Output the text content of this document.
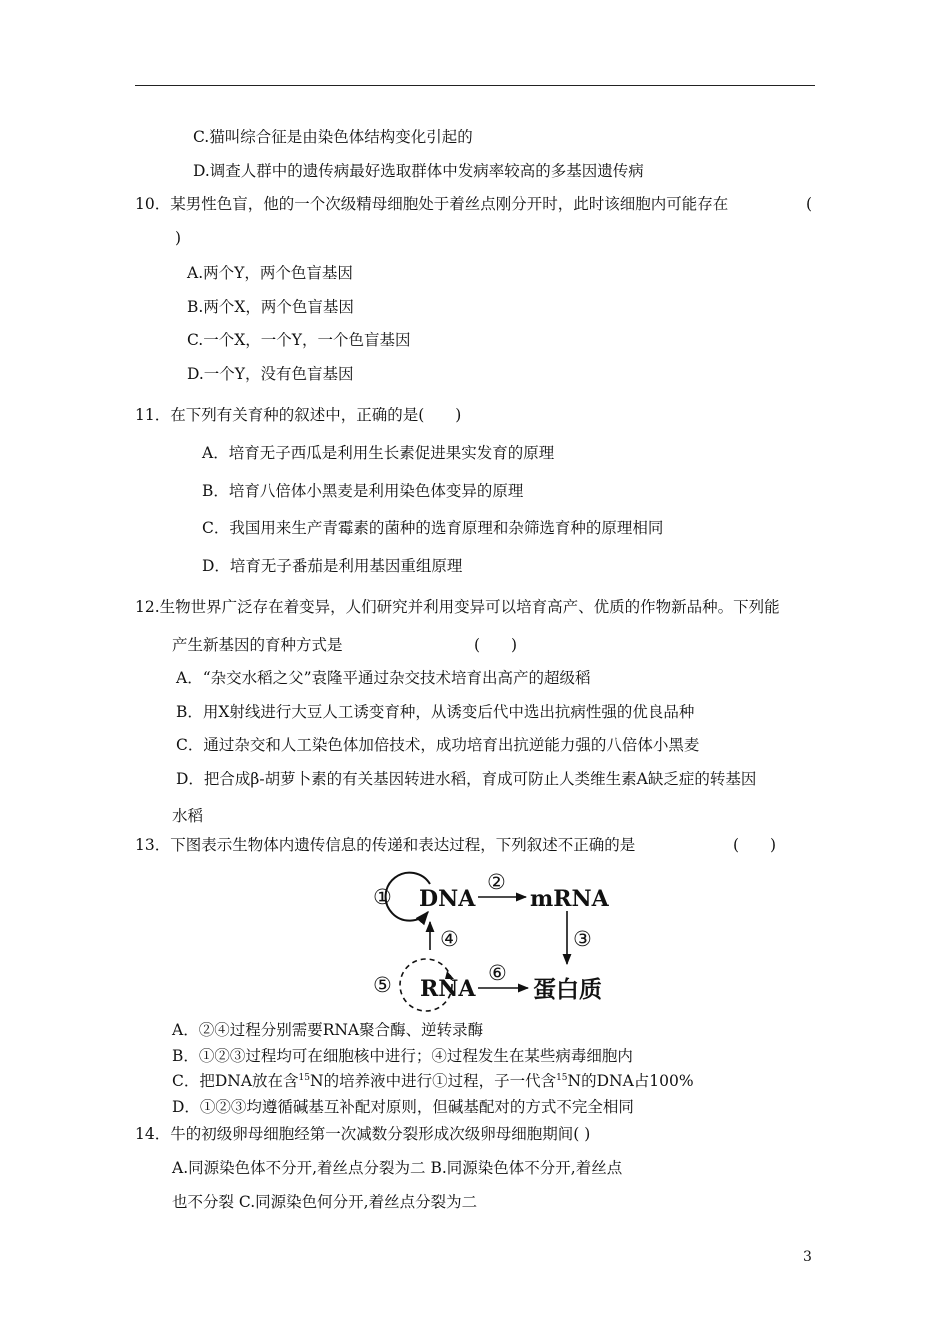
C.猫叫综合征是由染色体结构变化引起的
D.调查人群中的遗传病最好选取群体中发病率较高的多基因遗传病
10．某男性色盲，他的一个次级精母细胞处于着丝点刚分开时，此时该细胞内可能存在	(
)
A.两个Y，两个色盲基因
B.两个X，两个色盲基因
C.一个X，一个Y，一个色盲基因
D.一个Y，没有色盲基因
11．在下列有关育种的叙述中，正确的是(　　)
A．培育无子西瓜是利用生长素促进果实发育的原理
B．培育八倍体小黑麦是利用染色体变异的原理
C．我国用来生产青霉素的菌种的选育原理和杂筛选育种的原理相同
D．培育无子番茄是利用基因重组原理
12.生物世界广泛存在着变异，人们研究并利用变异可以培育高产、优质的作物新品种。下列能
产生新基因的育种方式是	(　　)
A．“杂交水稻之父”袁隆平通过杂交技术培育出高产的超级稻
B．用X射线进行大豆人工诱变育种，从诱变后代中选出抗病性强的优良品种
C．通过杂交和人工染色体加倍技术，成功培育出抗逆能力强的八倍体小黑麦
D．把合成β-胡萝卜素的有关基因转进水稻，育成可防止人类维生素A缺乏症的转基因
水稻
13．下图表示生物体内遗传信息的传递和表达过程，下列叙述不正确的是	(　　)
① DNA
②
mRNA
③
④
⑤ RNA
⑥
蛋白质
A．②④过程分别需要RNA聚合酶、逆转录酶
B．①②③过程均可在细胞核中进行；④过程发生在某些病毒细胞内
C．把DNA放在含$^{15}$N的培养液中进行①过程，子一代含$^{15}$N的DNA占100%
D．①②③均遵循碱基互补配对原则，但碱基配对的方式不完全相同
14．牛的初级卵母细胞经第一次减数分裂形成次级卵母细胞期间( )
A.同源染色体不分开,着丝点分裂为二 B.同源染色体不分开,着丝点
也不分裂 C.同源染色何分开,着丝点分裂为二
3
